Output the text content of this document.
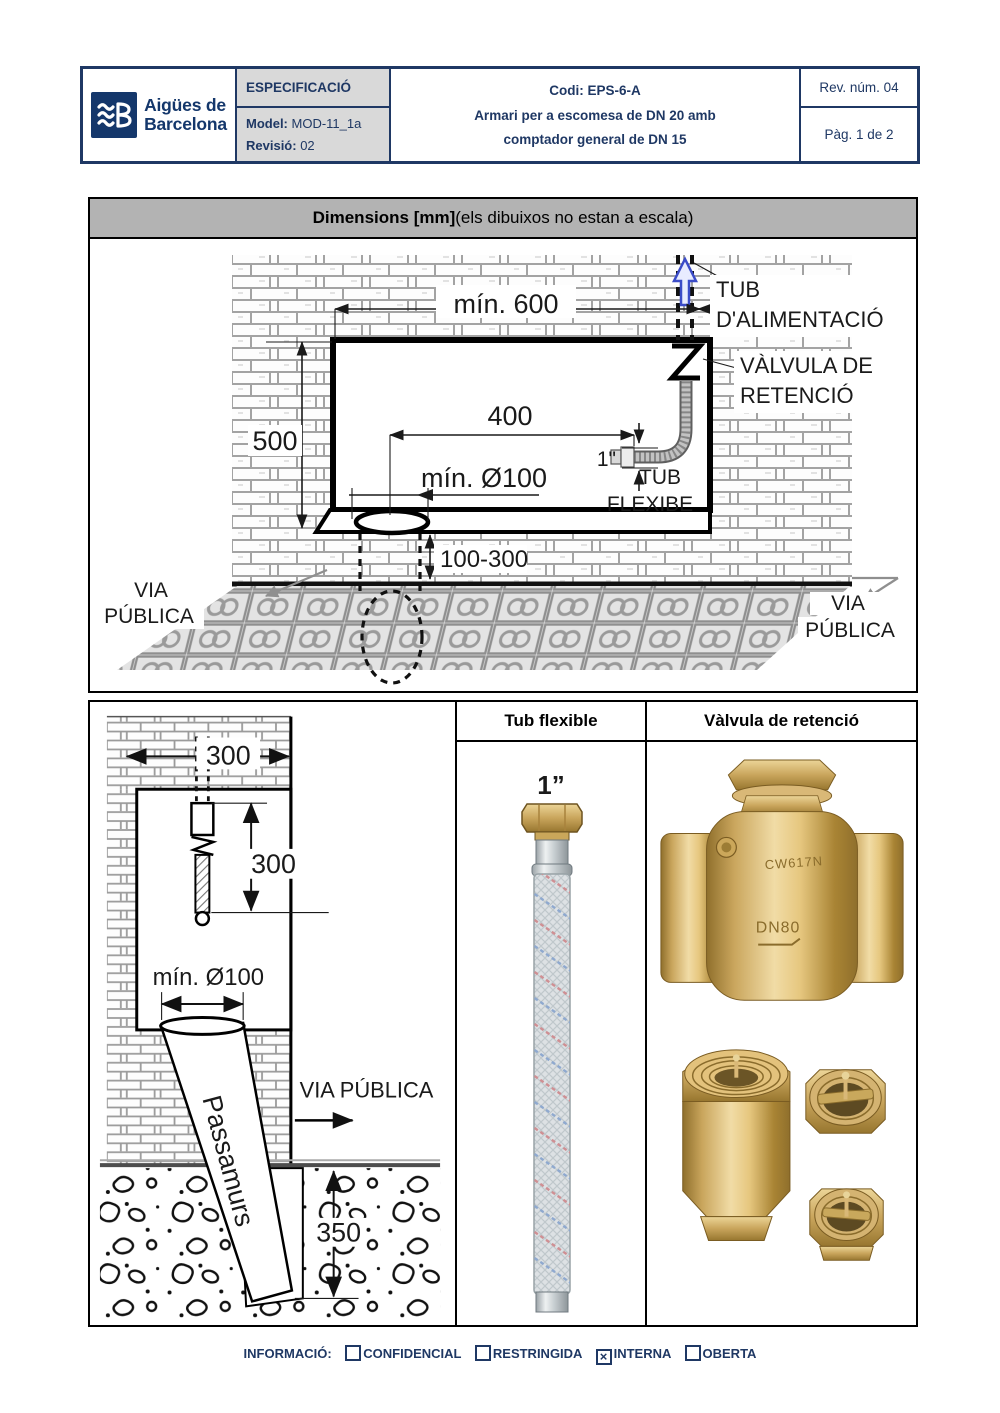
Aigües de
Barcelona
ESPECIFICACIÓ
Model: MOD-11_1a
Revisió: 02
Codi: EPS-6-A
Armari per a escomesa de DN 20 amb
comptador general de DN 15
Rev. núm. 04
Pàg. 1 de 2
Dimensions [mm] (els dibuixos no estan a escala)
mín. 600
500
400
1"
mín. Ø100
100-300
TUB
D'ALIMENTACIÓ
VÀLVULA DE
RETENCIÓ
TUB
FLEXIBE
VIA
PÚBLICA
VIA
PÚBLICA
Passamurs
300
300
mín. Ø100
VIA PÚBLICA
350
Tub flexible	Vàlvula de retenció
1”
CW617N
DN80
INFORMACIÓ: CONFIDENCIAL RESTRINGIDA × INTERNA OBERTA
